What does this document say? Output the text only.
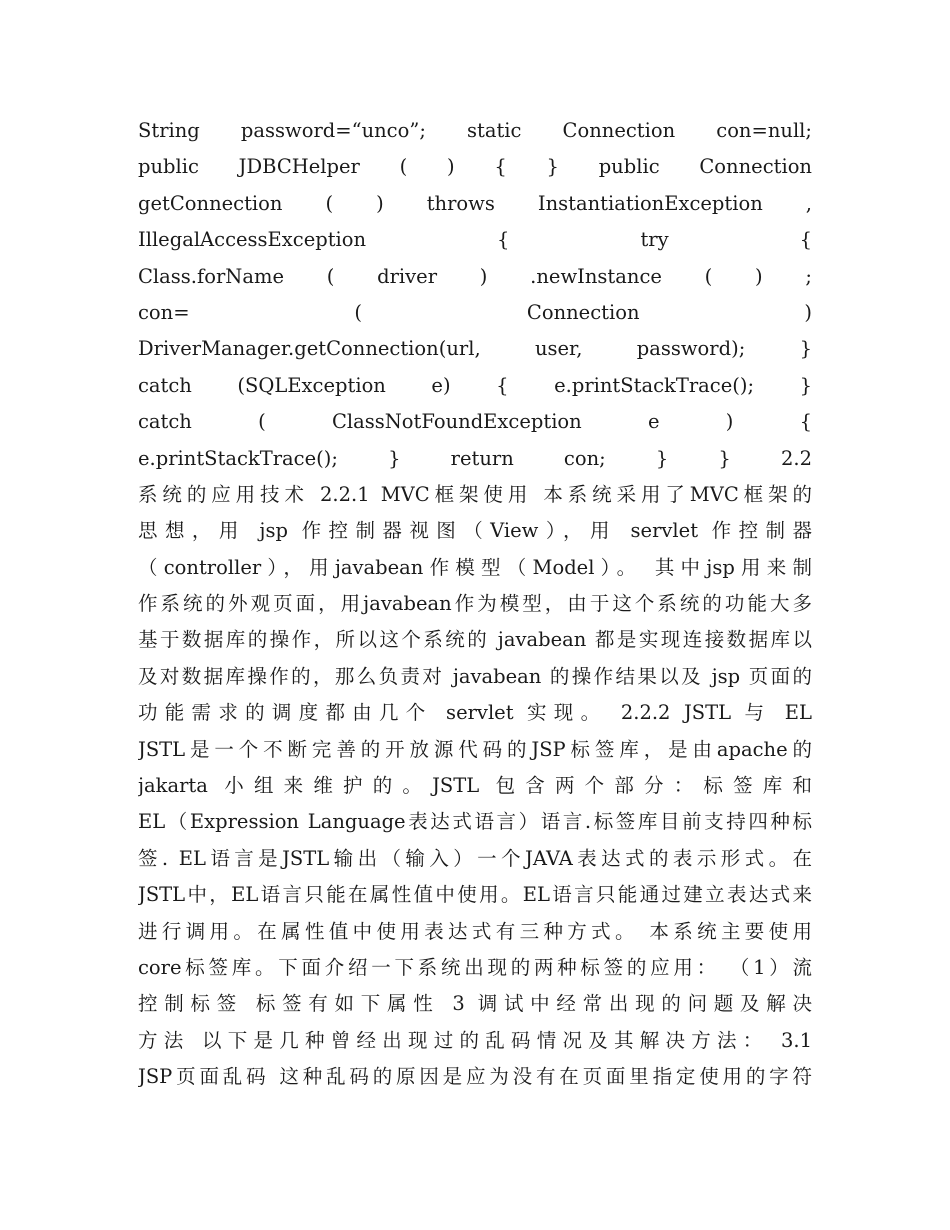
String password=“unco”; static Connection con=null;
public JDBCHelper ( ) { } public Connection
getConnection ( ) throws InstantiationException ,
IllegalAccessException { try {
Class.forName ( driver ) .newInstance ( ) ;
con= ( Connection )
DriverManager.getConnection(url, user, password); }
catch (SQLException e) { e.printStackTrace(); }
catch ( ClassNotFoundException e ) {
e.printStackTrace(); } return con; } } 2.2
系统的应用技术 2.2.1 MVC框架使用 本系统采用了MVC框架的
思想，用 jsp 作控制器视图（View），用 servlet 作控制器
（controller），用javabean作模型（Model）。 其中jsp用来制
作系统的外观页面，用javabean作为模型，由于这个系统的功能大多
基于数据库的操作，所以这个系统的 javabean 都是实现连接数据库以
及对数据库操作的，那么负责对 javabean 的操作结果以及 jsp 页面的
功能需求的调度都由几个 servlet 实现。 2.2.2 JSTL 与 EL
JSTL是一个不断完善的开放源代码的JSP标签库，是由apache的
jakarta 小组来维护的。JSTL 包含两个部分：标签库和
EL（Expression Language表达式语言）语言.标签库目前支持四种标
签. EL语言是JSTL输出（输入）一个JAVA表达式的表示形式。在
JSTL中，EL语言只能在属性值中使用。EL语言只能通过建立表达式来
进行调用。在属性值中使用表达式有三种方式。 本系统主要使用
core标签库。下面介绍一下系统出现的两种标签的应用： （1）流
控制标签 标签有如下属性 3 调试中经常出现的问题及解决
方法 以下是几种曾经出现过的乱码情况及其解决方法： 3.1
JSP页面乱码 这种乱码的原因是应为没有在页面里指定使用的字符
